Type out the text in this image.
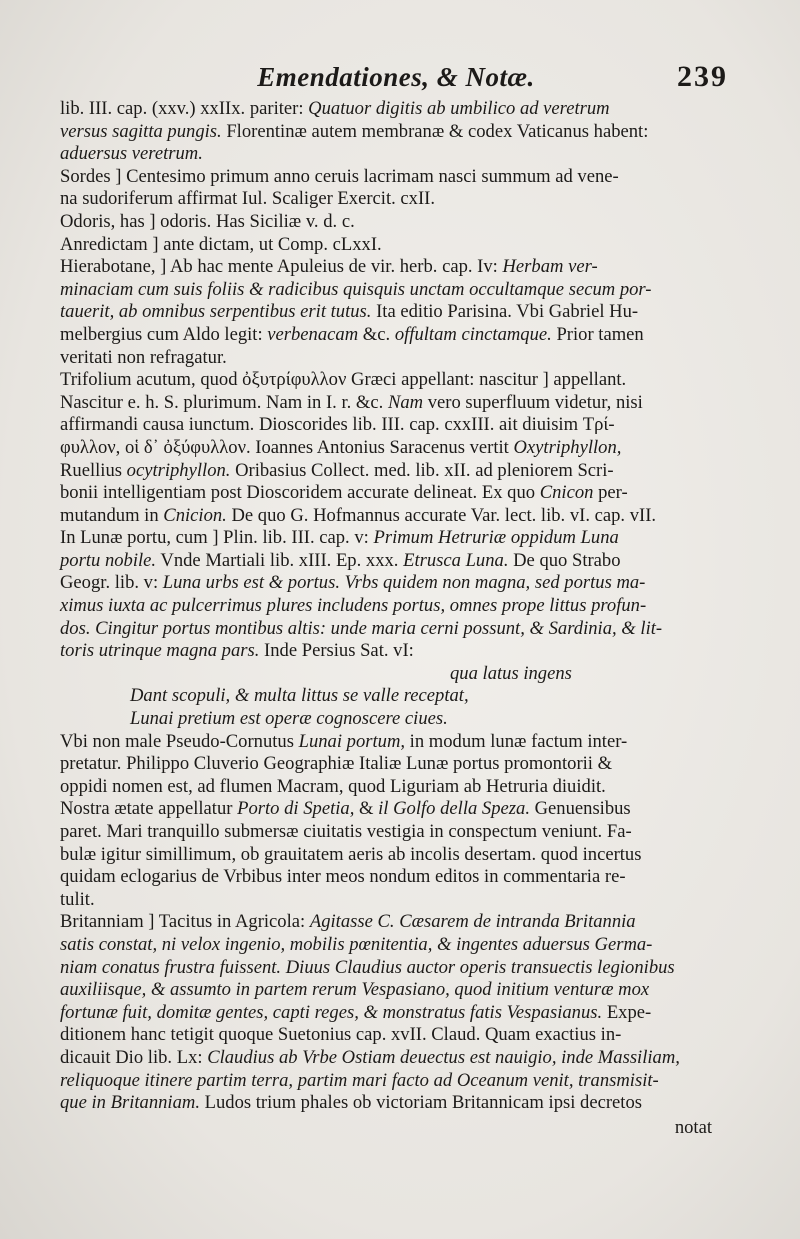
Emendationes, & Notæ.	239
lib. III. cap. (xxv.) xxIIx. pariter: Quatuor digitis ab umbilico ad veretrum
versus sagitta pungis. Florentinæ autem membranæ & codex Vaticanus habent:
aduersus veretrum.
Sordes ] Centesimo primum anno ceruis lacrimam nasci summum ad vene-
na sudoriferum affirmat Iul. Scaliger Exercit. cxII.
Odoris, has ] odoris. Has Siciliæ v. d. c.
Anredictam ] ante dictam, ut Comp. cLxxI.
Hierabotane, ] Ab hac mente Apuleius de vir. herb. cap. Iv: Herbam ver-
minaciam cum suis foliis & radicibus quisquis unctam occultamque secum por-
tauerit, ab omnibus serpentibus erit tutus. Ita editio Parisina. Vbi Gabriel Hu-
melbergius cum Aldo legit: verbenacam &c. offultam cinctamque. Prior tamen
veritati non refragatur.
Trifolium acutum, quod ὀξυτρίφυλλον Græci appellant: nascitur ] appellant.
Nascitur e. h. S. plurimum. Nam in I. r. &c. Nam vero superfluum videtur, nisi
affirmandi causa iunctum. Dioscorides lib. III. cap. cxxIII. ait diuisim Τρί-
φυλλον, οἱ δ᾽ ὀξύφυλλον. Ioannes Antonius Saracenus vertit Oxytriphyllon,
Ruellius ocytriphyllon. Oribasius Collect. med. lib. xII. ad pleniorem Scri-
bonii intelligentiam post Dioscoridem accurate delineat. Ex quo Cnicon per-
mutandum in Cnicion. De quo G. Hofmannus accurate Var. lect. lib. vI. cap. vII.
In Lunæ portu, cum ] Plin. lib. III. cap. v: Primum Hetruriæ oppidum Luna
portu nobile. Vnde Martiali lib. xIII. Ep. xxx. Etrusca Luna. De quo Strabo
Geogr. lib. v: Luna urbs est & portus. Vrbs quidem non magna, sed portus ma-
ximus iuxta ac pulcerrimus plures includens portus, omnes prope littus profun-
dos. Cingitur portus montibus altis: unde maria cerni possunt, & Sardinia, & lit-
toris utrinque magna pars. Inde Persius Sat. vI:
qua latus ingens
Dant scopuli, & multa littus se valle receptat,
Lunai pretium est operæ cognoscere ciues.
Vbi non male Pseudo-Cornutus Lunai portum, in modum lunæ factum inter-
pretatur. Philippo Cluverio Geographiæ Italiæ Lunæ portus promontorii &
oppidi nomen est, ad flumen Macram, quod Liguriam ab Hetruria diuidit.
Nostra ætate appellatur Porto di Spetia, & il Golfo della Speza. Genuensibus
paret. Mari tranquillo submersæ ciuitatis vestigia in conspectum veniunt. Fa-
bulæ igitur simillimum, ob grauitatem aeris ab incolis desertam. quod incertus
quidam eclogarius de Vrbibus inter meos nondum editos in commentaria re-
tulit.
Britanniam ] Tacitus in Agricola: Agitasse C. Cæsarem de intranda Britannia
satis constat, ni velox ingenio, mobilis pœnitentia, & ingentes aduersus Germa-
niam conatus frustra fuissent. Diuus Claudius auctor operis transuectis legionibus
auxiliisque, & assumto in partem rerum Vespasiano, quod initium venturæ mox
fortunæ fuit, domitæ gentes, capti reges, & monstratus fatis Vespasianus. Expe-
ditionem hanc tetigit quoque Suetonius cap. xvII. Claud. Quam exactius in-
dicauit Dio lib. Lx: Claudius ab Vrbe Ostiam deuectus est nauigio, inde Massiliam,
reliquoque itinere partim terra, partim mari facto ad Oceanum venit, transmisit-
que in Britanniam. Ludos trium phales ob victoriam Britannicam ipsi decretos
notat
